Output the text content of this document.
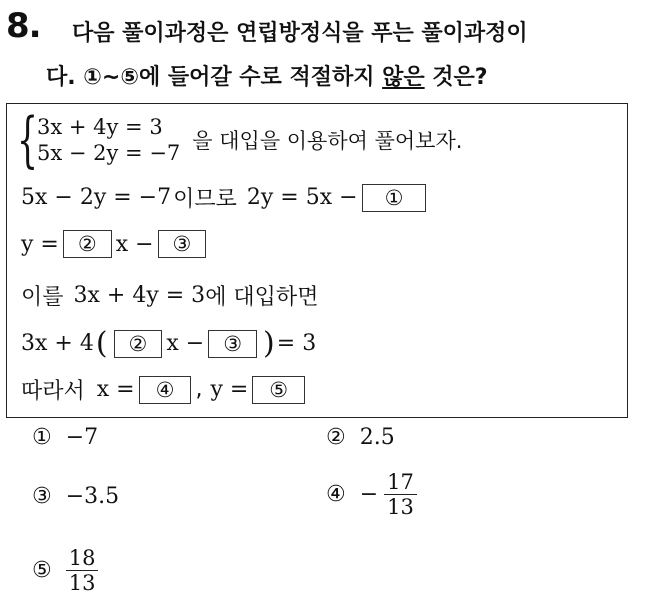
8. 다음 풀이과정은 연립방정식을 푸는 풀이과정이
다. ①~⑤에 들어갈 수로 적절하지 않은 것은?
{
3x + 4y = 3
5x − 2y = −7 을 대입을 이용하여 풀어보자.
5x − 2y = −7 이므로 2y = 5x −	①
y = ② x − ③
이를 3x + 4y = 3 에 대입하면
3x + 4 (	② x − ③ ) = 3
따라서 x =	④ , y =	⑤
① −7	② 2.5
③ −3.5	④ − $\frac{17}{13}$
⑤ $\frac{18}{13}$
